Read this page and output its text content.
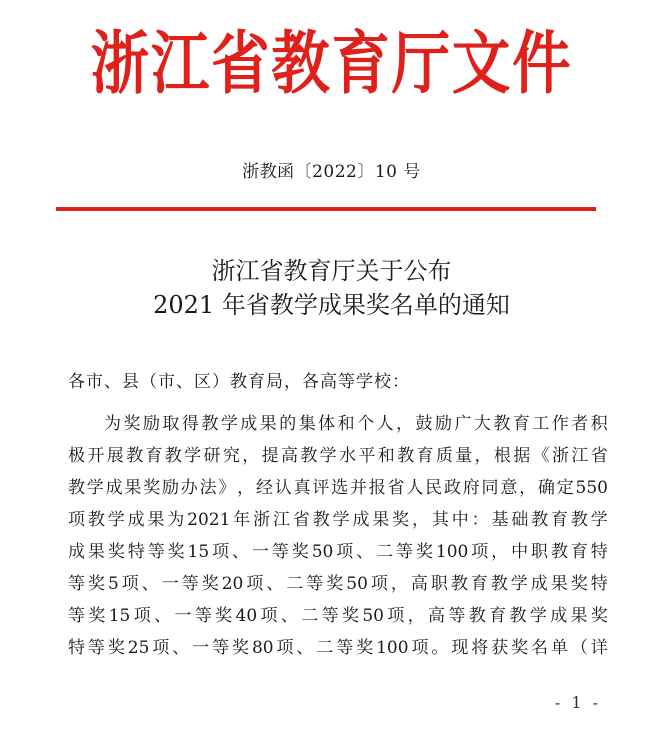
浙江省教育厅文件
浙教函〔2022〕10 号
浙江省教育厅关于公布
2021 年省教学成果奖名单的通知
各市、县（市、区）教育局，各高等学校：
为 奖 励 取 得 教 学 成 果 的 集 体 和 个 人 ， 鼓 励 广 大 教 育 工 作 者 积
极 开 展 教 育 教 学 研 究 ， 提 高 教 学 水 平 和 教 育 质 量 ， 根 据 《 浙 江 省
教 学 成 果 奖 励 办 法 》 ， 经 认 真 评 选 并 报 省 人 民 政 府 同 意 ， 确 定 550
项 教 学 成 果 为 2021 年 浙 江 省 教 学 成 果 奖 ， 其 中 ： 基 础 教 育 教 学
成 果 奖 特 等 奖 15 项 、 一 等 奖 50 项 、 二 等 奖 100 项 ， 中 职 教 育 特
等 奖 5 项 、 一 等 奖 20 项 、 二 等 奖 50 项 ， 高 职 教 育 教 学 成 果 奖 特
等 奖 15 项 、 一 等 奖 40 项 、 二 等 奖 50 项 ， 高 等 教 育 教 学 成 果 奖
特 等 奖 25 项 、 一 等 奖 80 项 、 二 等 奖 100 项 。 现 将 获 奖 名 单 （ 详
- 1 -
